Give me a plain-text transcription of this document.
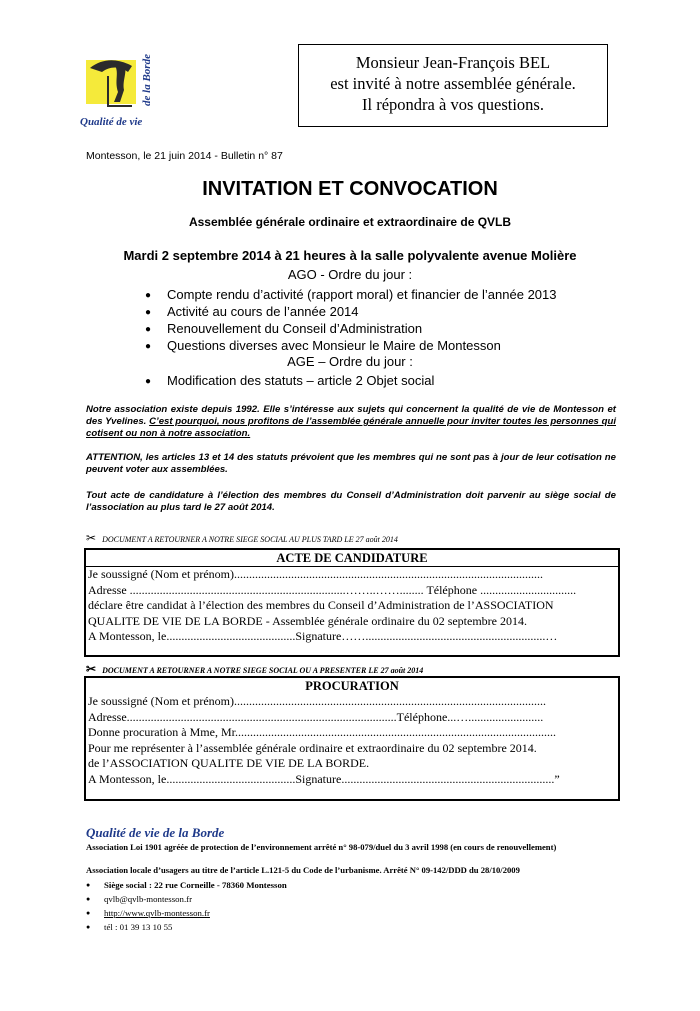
de la Borde
Qualité de vie
Monsieur Jean-François BEL
est invité à notre assemblée générale.
Il répondra à vos questions.
Montesson, le 21 juin 2014 - Bulletin n° 87
INVITATION ET CONVOCATION
Assemblée générale ordinaire et extraordinaire de QVLB
Mardi 2 septembre 2014 à 21 heures à la salle polyvalente avenue Molière
AGO - Ordre du jour :
● Compte rendu d’activité (rapport moral) et financier de l’année 2013
● Activité au cours de l’année 2014
● Renouvellement du Conseil d’Administration
● Questions diverses avec Monsieur le Maire de Montesson
AGE – Ordre du jour :
● Modification des statuts – article 2 Objet social
Notre association existe depuis 1992. Elle s’intéresse aux sujets qui concernent la qualité de vie de Montesson et des Yvelines. C’est pourquoi, nous profitons de l’assemblée générale annuelle pour inviter toutes les personnes qui cotisent ou non à notre association.
ATTENTION, les articles 13 et 14 des statuts prévoient que les membres qui ne sont pas à jour de leur cotisation ne peuvent voter aux assemblées.
Tout acte de candidature à l’élection des membres du Conseil d’Administration doit parvenir au siège social de l’association au plus tard le 27 août 2014.
✂ DOCUMENT A RETOURNER A NOTRE SIEGE SOCIAL AU PLUS TARD LE 27 août 2014
ACTE DE CANDIDATURE
Je soussigné (Nom et prénom).......................................................................................................
Adresse ........................................................................……..……........ Téléphone ................................
déclare être candidat à l’élection des membres du Conseil d’Administration de l’ASSOCIATION
QUALITE DE VIE DE LA BORDE - Assemblée générale ordinaire du 02 septembre 2014.
A Montesson, le...........................................Signature……............................................................…
✂ DOCUMENT A RETOURNER A NOTRE SIEGE SOCIAL OU A PRESENTER LE 27 août 2014
PROCURATION
Je soussigné (Nom et prénom)........................................................................................................
Adresse..........................................................................................Téléphone...….........................
Donne procuration à Mme, Mr...........................................................................................................
Pour me représenter à l’assemblée générale ordinaire et extraordinaire du 02 septembre 2014.
de l’ASSOCIATION QUALITE DE VIE DE LA BORDE.
A Montesson, le...........................................Signature.......................................................................”
Qualité de vie de la Borde
Association Loi 1901 agréée de protection de l’environnement arrêté n° 98-079/duel du 3 avril 1998 (en cours de renouvellement)
Association locale d’usagers au titre de l’article L.121-5 du Code de l’urbanisme. Arrêté N° 09-142/DDD du 28/10/2009
● Siège social : 22 rue Corneille - 78360 Montesson
● qvlb@qvlb-montesson.fr
● http://www.qvlb-montesson.fr
● tél : 01 39 13 10 55
